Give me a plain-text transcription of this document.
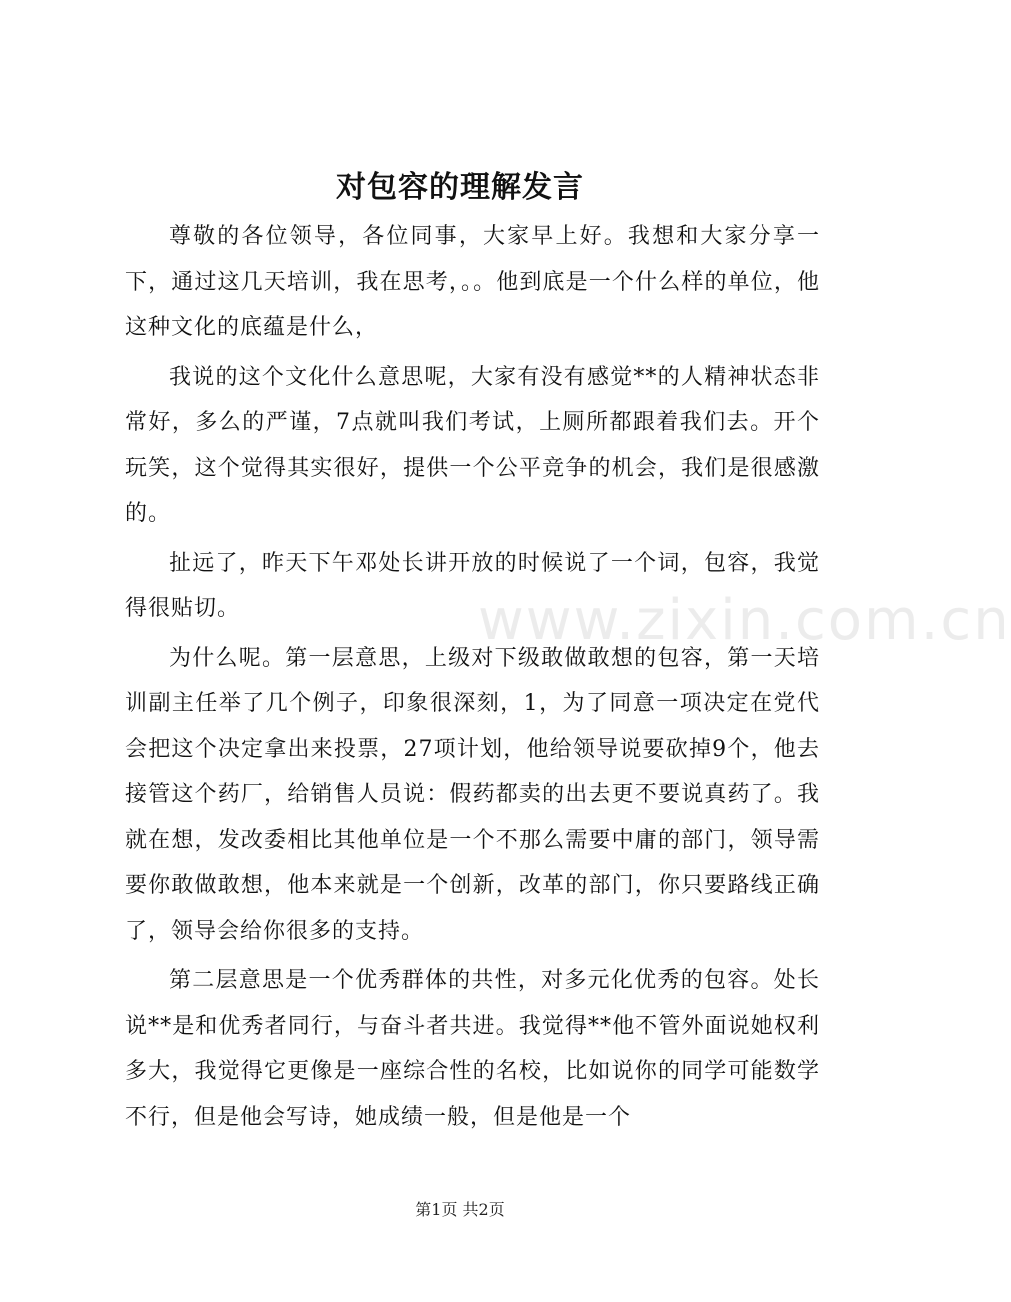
对包容的理解发言

尊敬的各位领导，各位同事，大家早上好。我想和大家分享一下，通过这几天培训，我在思考，。。他到底是一个什么样的单位，他这种文化的底蕴是什么，

我说的这个文化什么意思呢，大家有没有感觉**的人精神状态非常好，多么的严谨，7点就叫我们考试，上厕所都跟着我们去。开个玩笑，这个觉得其实很好，提供一个公平竞争的机会，我们是很感激的。

扯远了，昨天下午邓处长讲开放的时候说了一个词，包容，我觉得很贴切。

为什么呢。第一层意思，上级对下级敢做敢想的包容，第一天培训副主任举了几个例子，印象很深刻，1，为了同意一项决定在党代会把这个决定拿出来投票，27项计划，他给领导说要砍掉9个，他去接管这个药厂，给销售人员说：假药都卖的出去更不要说真药了。我就在想，发改委相比其他单位是一个不那么需要中庸的部门，领导需要你敢做敢想，他本来就是一个创新，改革的部门，你只要路线正确了，领导会给你很多的支持。

第二层意思是一个优秀群体的共性，对多元化优秀的包容。处长说**是和优秀者同行，与奋斗者共进。我觉得**他不管外面说她权利多大，我觉得它更像是一座综合性的名校，比如说你的同学可能数学不行，但是他会写诗，她成绩一般，但是他是一个

www.zixin.com.cn
第1页 共2页
